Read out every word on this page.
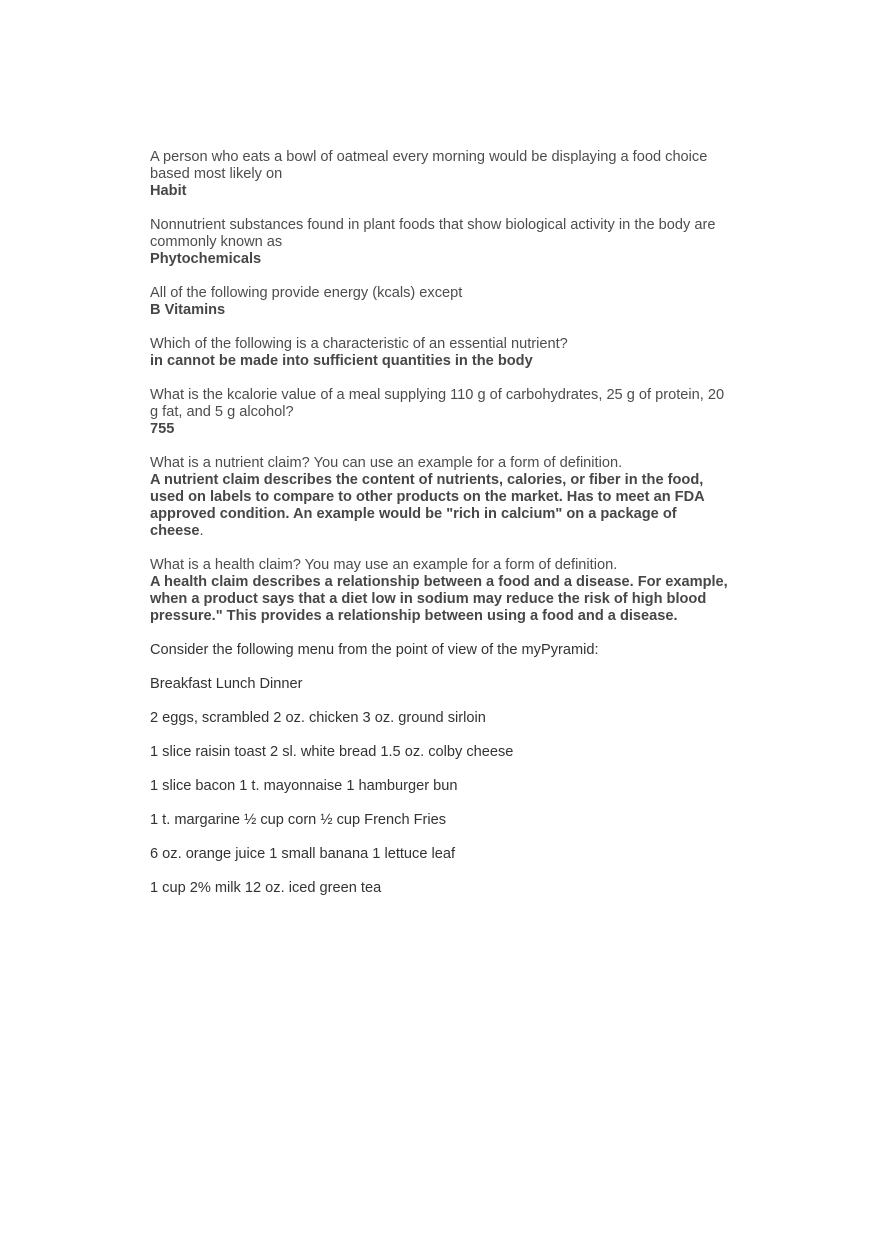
A person who eats a bowl of oatmeal every morning would be displaying a food choice based most likely on

Habit

Nonnutrient substances found in plant foods that show biological activity in the body are commonly known as

Phytochemicals

All of the following provide energy (kcals) except

B Vitamins

Which of the following is a characteristic of an essential nutrient?

in cannot be made into sufficient quantities in the body

What is the kcalorie value of a meal supplying 110 g of carbohydrates, 25 g of protein, 20 g fat, and 5 g alcohol?

755

What is a nutrient claim? You can use an example for a form of definition.

A nutrient claim describes the content of nutrients, calories, or fiber in the food, used on labels to compare to other products on the market. Has to meet an FDA approved condition. An example would be "rich in calcium" on a package of cheese.

What is a health claim? You may use an example for a form of definition.

A health claim describes a relationship between a food and a disease. For example, when a product says that a diet low in sodium may reduce the risk of high blood pressure." This provides a relationship between using a food and a disease.

Consider the following menu from the point of view of the myPyramid:

Breakfast Lunch Dinner

2 eggs, scrambled 2 oz. chicken 3 oz. ground sirloin

1 slice raisin toast 2 sl. white bread 1.5 oz. colby cheese

1 slice bacon 1 t. mayonnaise 1 hamburger bun

1 t. margarine ½ cup corn ½ cup French Fries

6 oz. orange juice 1 small banana 1 lettuce leaf

1 cup 2% milk 12 oz. iced green tea
